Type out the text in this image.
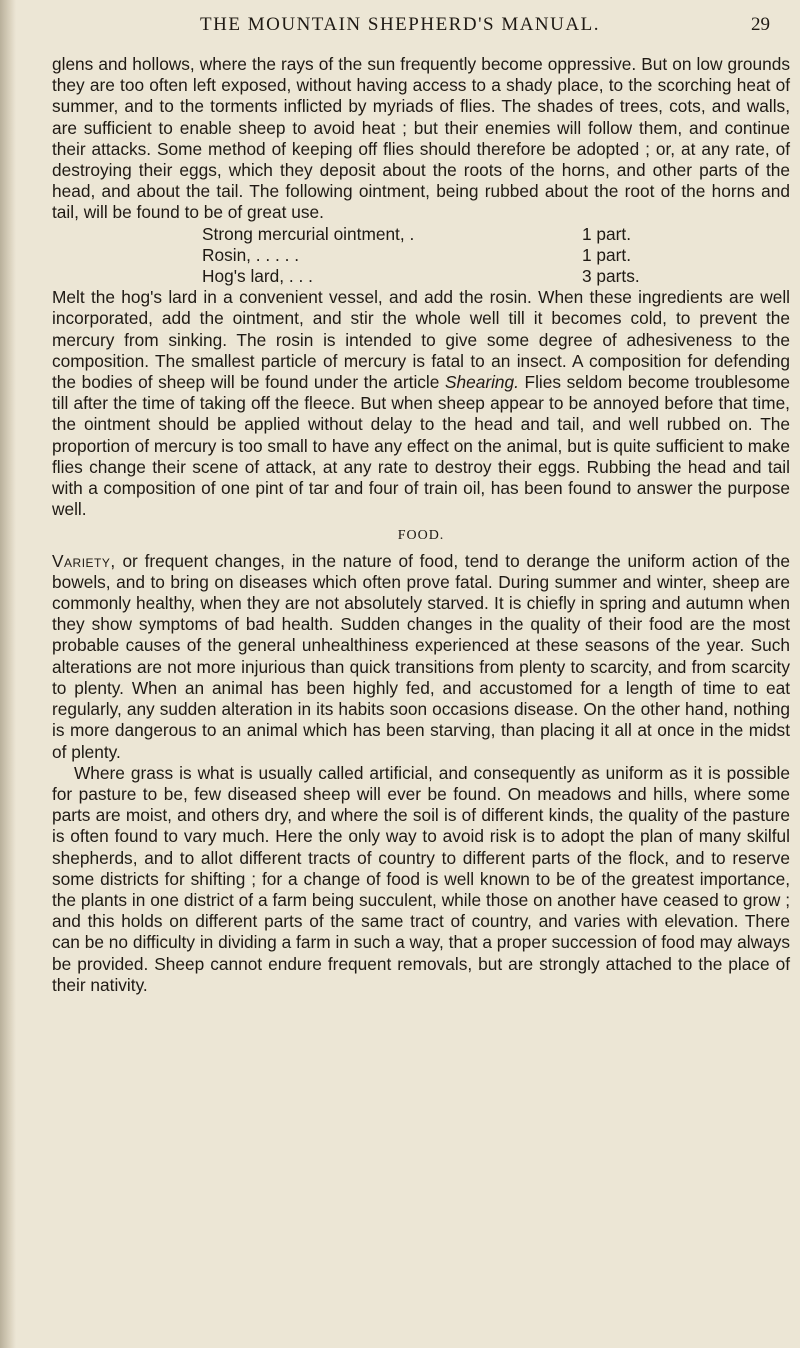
THE MOUNTAIN SHEPHERD'S MANUAL.	29

glens and hollows, where the rays of the sun frequently become oppressive. But on low grounds they are too often left exposed, without having access to a shady place, to the scorching heat of summer, and to the torments inflicted by myriads of flies. The shades of trees, cots, and walls, are sufficient to enable sheep to avoid heat ; but their enemies will follow them, and continue their attacks. Some method of keeping off flies should therefore be adopted ; or, at any rate, of destroying their eggs, which they deposit about the roots of the horns, and other parts of the head, and about the tail. The following ointment, being rubbed about the root of the horns and tail, will be found to be of great use.

Strong mercurial ointment, .	1 part.
Rosin, . . . . .	1 part.
Hog's lard, . . .	3 parts.

Melt the hog's lard in a convenient vessel, and add the rosin. When these ingredients are well incorporated, add the ointment, and stir the whole well till it becomes cold, to prevent the mercury from sinking. The rosin is intended to give some degree of adhesiveness to the composition. The smallest particle of mercury is fatal to an insect. A composition for defending the bodies of sheep will be found under the article Shearing. Flies seldom become troublesome till after the time of taking off the fleece. But when sheep appear to be annoyed before that time, the ointment should be applied without delay to the head and tail, and well rubbed on. The proportion of mercury is too small to have any effect on the animal, but is quite sufficient to make flies change their scene of attack, at any rate to destroy their eggs. Rubbing the head and tail with a composition of one pint of tar and four of train oil, has been found to answer the purpose well.

FOOD.

Variety, or frequent changes, in the nature of food, tend to derange the uniform action of the bowels, and to bring on diseases which often prove fatal. During summer and winter, sheep are commonly healthy, when they are not absolutely starved. It is chiefly in spring and autumn when they show symptoms of bad health. Sudden changes in the quality of their food are the most probable causes of the general unhealthiness experienced at these seasons of the year. Such alterations are not more injurious than quick transitions from plenty to scarcity, and from scarcity to plenty. When an animal has been highly fed, and accustomed for a length of time to eat regularly, any sudden alteration in its habits soon occasions disease. On the other hand, nothing is more dangerous to an animal which has been starving, than placing it all at once in the midst of plenty.

Where grass is what is usually called artificial, and consequently as uniform as it is possible for pasture to be, few diseased sheep will ever be found. On meadows and hills, where some parts are moist, and others dry, and where the soil is of different kinds, the quality of the pasture is often found to vary much. Here the only way to avoid risk is to adopt the plan of many skilful shepherds, and to allot different tracts of country to different parts of the flock, and to reserve some districts for shifting ; for a change of food is well known to be of the greatest importance, the plants in one district of a farm being succulent, while those on another have ceased to grow ; and this holds on different parts of the same tract of country, and varies with elevation. There can be no difficulty in dividing a farm in such a way, that a proper succession of food may always be provided. Sheep cannot endure frequent removals, but are strongly attached to the place of their nativity.
